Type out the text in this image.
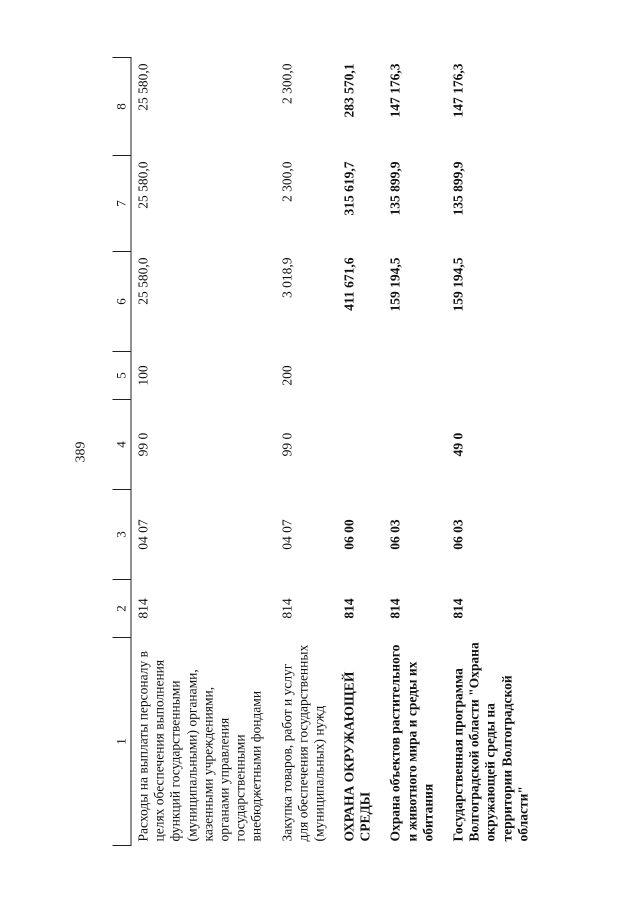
389
1	2	3	4	5	6	7	8
Расходы на выплаты персоналу в целях обеспечения выполнения функций государственными (муниципальными) органами, казенными учреждениями, органами управления государственными внебюджетными фондами	814	04 07	99 0	100	25 580,0	25 580,0	25 580,0
Закупка товаров, работ и услуг для обеспечения государственных (муниципальных) нужд	814	04 07	99 0	200	3 018,9	2 300,0	2 300,0
ОХРАНА ОКРУЖАЮЩЕЙ СРЕДЫ	814	06 00			411 671,6	315 619,7	283 570,1
Охрана объектов растительного и животного мира и среды их обитания	814	06 03			159 194,5	135 899,9	147 176,3
Государственная программа Волгоградской области "Охрана окружающей среды на территории Волгоградской области"	814	06 03	49 0		159 194,5	135 899,9	147 176,3
